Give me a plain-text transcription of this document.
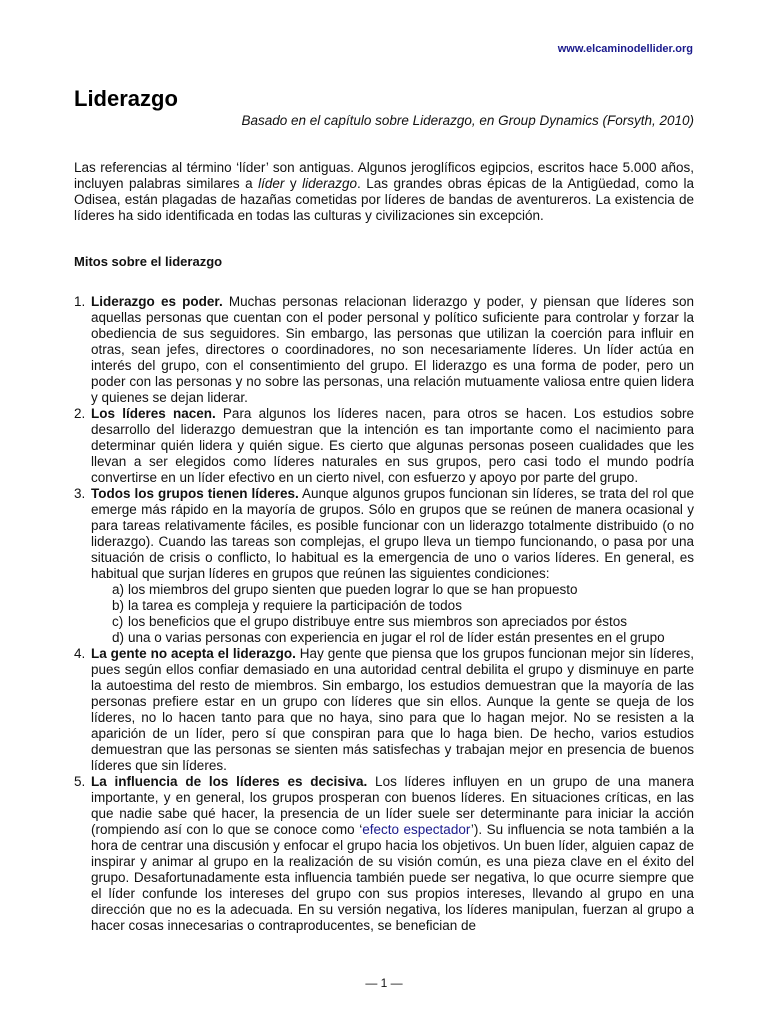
www.elcaminodellider.org
Liderazgo
Basado en el capítulo sobre Liderazgo, en Group Dynamics (Forsyth, 2010)

Las referencias al término ‘líder’ son antiguas. Algunos jeroglíficos egipcios, escritos hace 5.000 años, incluyen palabras similares a líder y liderazgo. Las grandes obras épicas de la Antigüedad, como la Odisea, están plagadas de hazañas cometidas por líderes de bandas de aventureros. La existencia de líderes ha sido identificada en todas las culturas y civilizaciones sin excepción.

Mitos sobre el liderazgo
1. Liderazgo es poder. Muchas personas relacionan liderazgo y poder, y piensan que líderes son aquellas personas que cuentan con el poder personal y político suficiente para controlar y forzar la obediencia de sus seguidores. Sin embargo, las personas que utilizan la coerción para influir en otras, sean jefes, directores o coordinadores, no son necesariamente líderes. Un líder actúa en interés del grupo, con el consentimiento del grupo. El liderazgo es una forma de poder, pero un poder con las personas y no sobre las personas, una relación mutuamente valiosa entre quien lidera y quienes se dejan liderar.

2. Los líderes nacen. Para algunos los líderes nacen, para otros se hacen. Los estudios sobre desarrollo del liderazgo demuestran que la intención es tan importante como el nacimiento para determinar quién lidera y quién sigue. Es cierto que algunas personas poseen cualidades que les llevan a ser elegidos como líderes naturales en sus grupos, pero casi todo el mundo podría convertirse en un líder efectivo en un cierto nivel, con esfuerzo y apoyo por parte del grupo.

3. Todos los grupos tienen líderes. Aunque algunos grupos funcionan sin líderes, se trata del rol que emerge más rápido en la mayoría de grupos. Sólo en grupos que se reúnen de manera ocasional y para tareas relativamente fáciles, es posible funcionar con un liderazgo totalmente distribuido (o no liderazgo). Cuando las tareas son complejas, el grupo lleva un tiempo funcionando, o pasa por una situación de crisis o conflicto, lo habitual es la emergencia de uno o varios líderes. En general, es habitual que surjan líderes en grupos que reúnen las siguientes condiciones:

a) los miembros del grupo sienten que pueden lograr lo que se han propuesto
b) la tarea es compleja y requiere la participación de todos
c) los beneficios que el grupo distribuye entre sus miembros son apreciados por éstos
d) una o varias personas con experiencia en jugar el rol de líder están presentes en el grupo
4. La gente no acepta el liderazgo. Hay gente que piensa que los grupos funcionan mejor sin líderes, pues según ellos confiar demasiado en una autoridad central debilita el grupo y disminuye en parte la autoestima del resto de miembros. Sin embargo, los estudios demuestran que la mayoría de las personas prefiere estar en un grupo con líderes que sin ellos. Aunque la gente se queja de los líderes, no lo hacen tanto para que no haya, sino para que lo hagan mejor. No se resisten a la aparición de un líder, pero sí que conspiran para que lo haga bien. De hecho, varios estudios demuestran que las personas se sienten más satisfechas y trabajan mejor en presencia de buenos líderes que sin líderes.

5. La influencia de los líderes es decisiva. Los líderes influyen en un grupo de una manera importante, y en general, los grupos prosperan con buenos líderes. En situaciones críticas, en las que nadie sabe qué hacer, la presencia de un líder suele ser determinante para iniciar la acción (rompiendo así con lo que se conoce como ‘efecto espectador’). Su influencia se nota también a la hora de centrar una discusión y enfocar el grupo hacia los objetivos. Un buen líder, alguien capaz de inspirar y animar al grupo en la realización de su visión común, es una pieza clave en el éxito del grupo. Desafortunadamente esta influencia también puede ser negativa, lo que ocurre siempre que el líder confunde los intereses del grupo con sus propios intereses, llevando al grupo en una dirección que no es la adecuada. En su versión negativa, los líderes manipulan, fuerzan al grupo a hacer cosas innecesarias o contraproducentes, se benefician de

— 1 —
